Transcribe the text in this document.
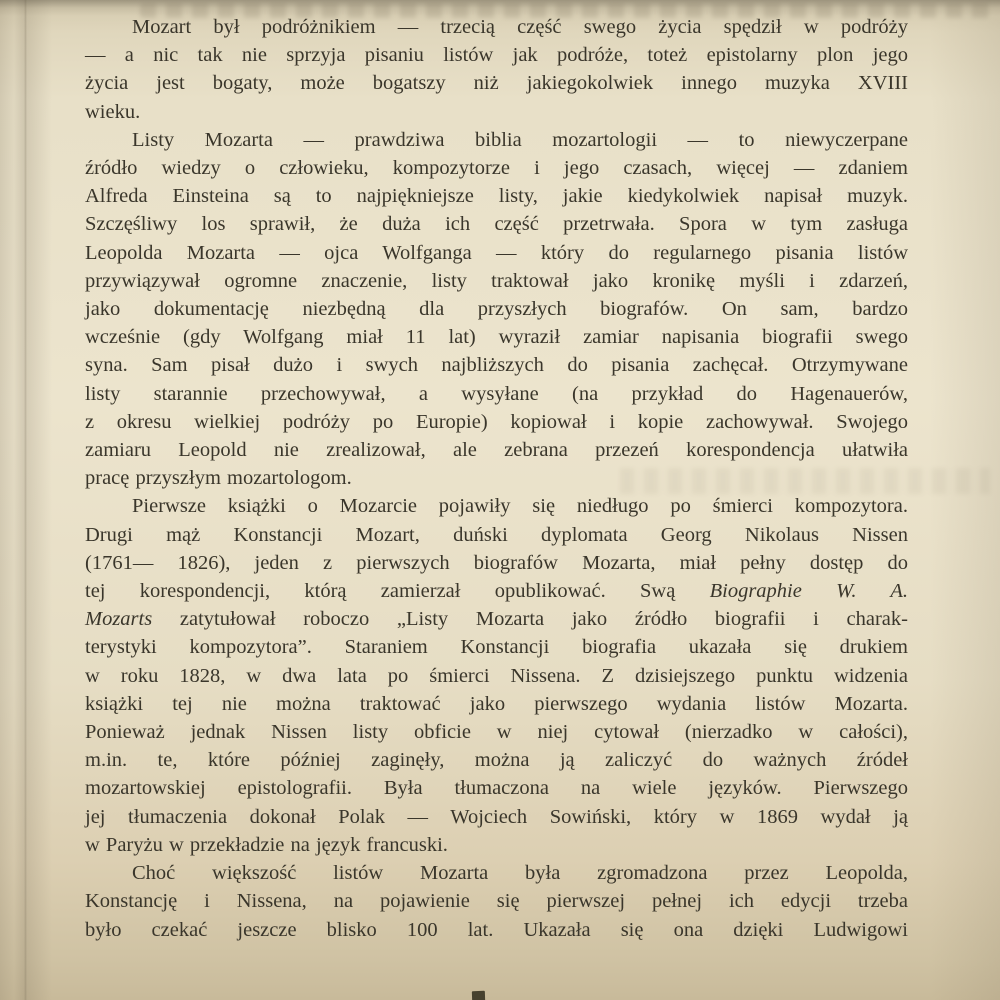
Mozart był podróżnikiem — trzecią część swego życia spędził w podróży
— a nic tak nie sprzyja pisaniu listów jak podróże, toteż epistolarny plon jego
życia jest bogaty, może bogatszy niż jakiegokolwiek innego muzyka XVIII
wieku.
Listy Mozarta — prawdziwa biblia mozartologii — to niewyczerpane
źródło wiedzy o człowieku, kompozytorze i jego czasach, więcej — zdaniem
Alfreda Einsteina są to najpiękniejsze listy, jakie kiedykolwiek napisał muzyk.
Szczęśliwy los sprawił, że duża ich część przetrwała. Spora w tym zasługa
Leopolda Mozarta — ojca Wolfganga — który do regularnego pisania listów
przywiązywał ogromne znaczenie, listy traktował jako kronikę myśli i zdarzeń,
jako dokumentację niezbędną dla przyszłych biografów. On sam, bardzo
wcześnie (gdy Wolfgang miał 11 lat) wyraził zamiar napisania biografii swego
syna. Sam pisał dużo i swych najbliższych do pisania zachęcał. Otrzymywane
listy starannie przechowywał, a wysyłane (na przykład do Hagenauerów,
z okresu wielkiej podróży po Europie) kopiował i kopie zachowywał. Swojego
zamiaru Leopold nie zrealizował, ale zebrana przezeń korespondencja ułatwiła
pracę przyszłym mozartologom.
Pierwsze książki o Mozarcie pojawiły się niedługo po śmierci kompozytora.
Drugi mąż Konstancji Mozart, duński dyplomata Georg Nikolaus Nissen
(1761— 1826), jeden z pierwszych biografów Mozarta, miał pełny dostęp do
tej korespondencji, którą zamierzał opublikować. Swą Biographie W. A.
Mozarts zatytułował roboczo „Listy Mozarta jako źródło biografii i charak-
terystyki kompozytora”. Staraniem Konstancji biografia ukazała się drukiem
w roku 1828, w dwa lata po śmierci Nissena. Z dzisiejszego punktu widzenia
książki tej nie można traktować jako pierwszego wydania listów Mozarta.
Ponieważ jednak Nissen listy obficie w niej cytował (nierzadko w całości),
m.in. te, które później zaginęły, można ją zaliczyć do ważnych źródeł
mozartowskiej epistolografii. Była tłumaczona na wiele języków. Pierwszego
jej tłumaczenia dokonał Polak — Wojciech Sowiński, który w 1869 wydał ją
w Paryżu w przekładzie na język francuski.
Choć większość listów Mozarta była zgromadzona przez Leopolda,
Konstancję i Nissena, na pojawienie się pierwszej pełnej ich edycji trzeba
było czekać jeszcze blisko 100 lat. Ukazała się ona dzięki Ludwigowi
